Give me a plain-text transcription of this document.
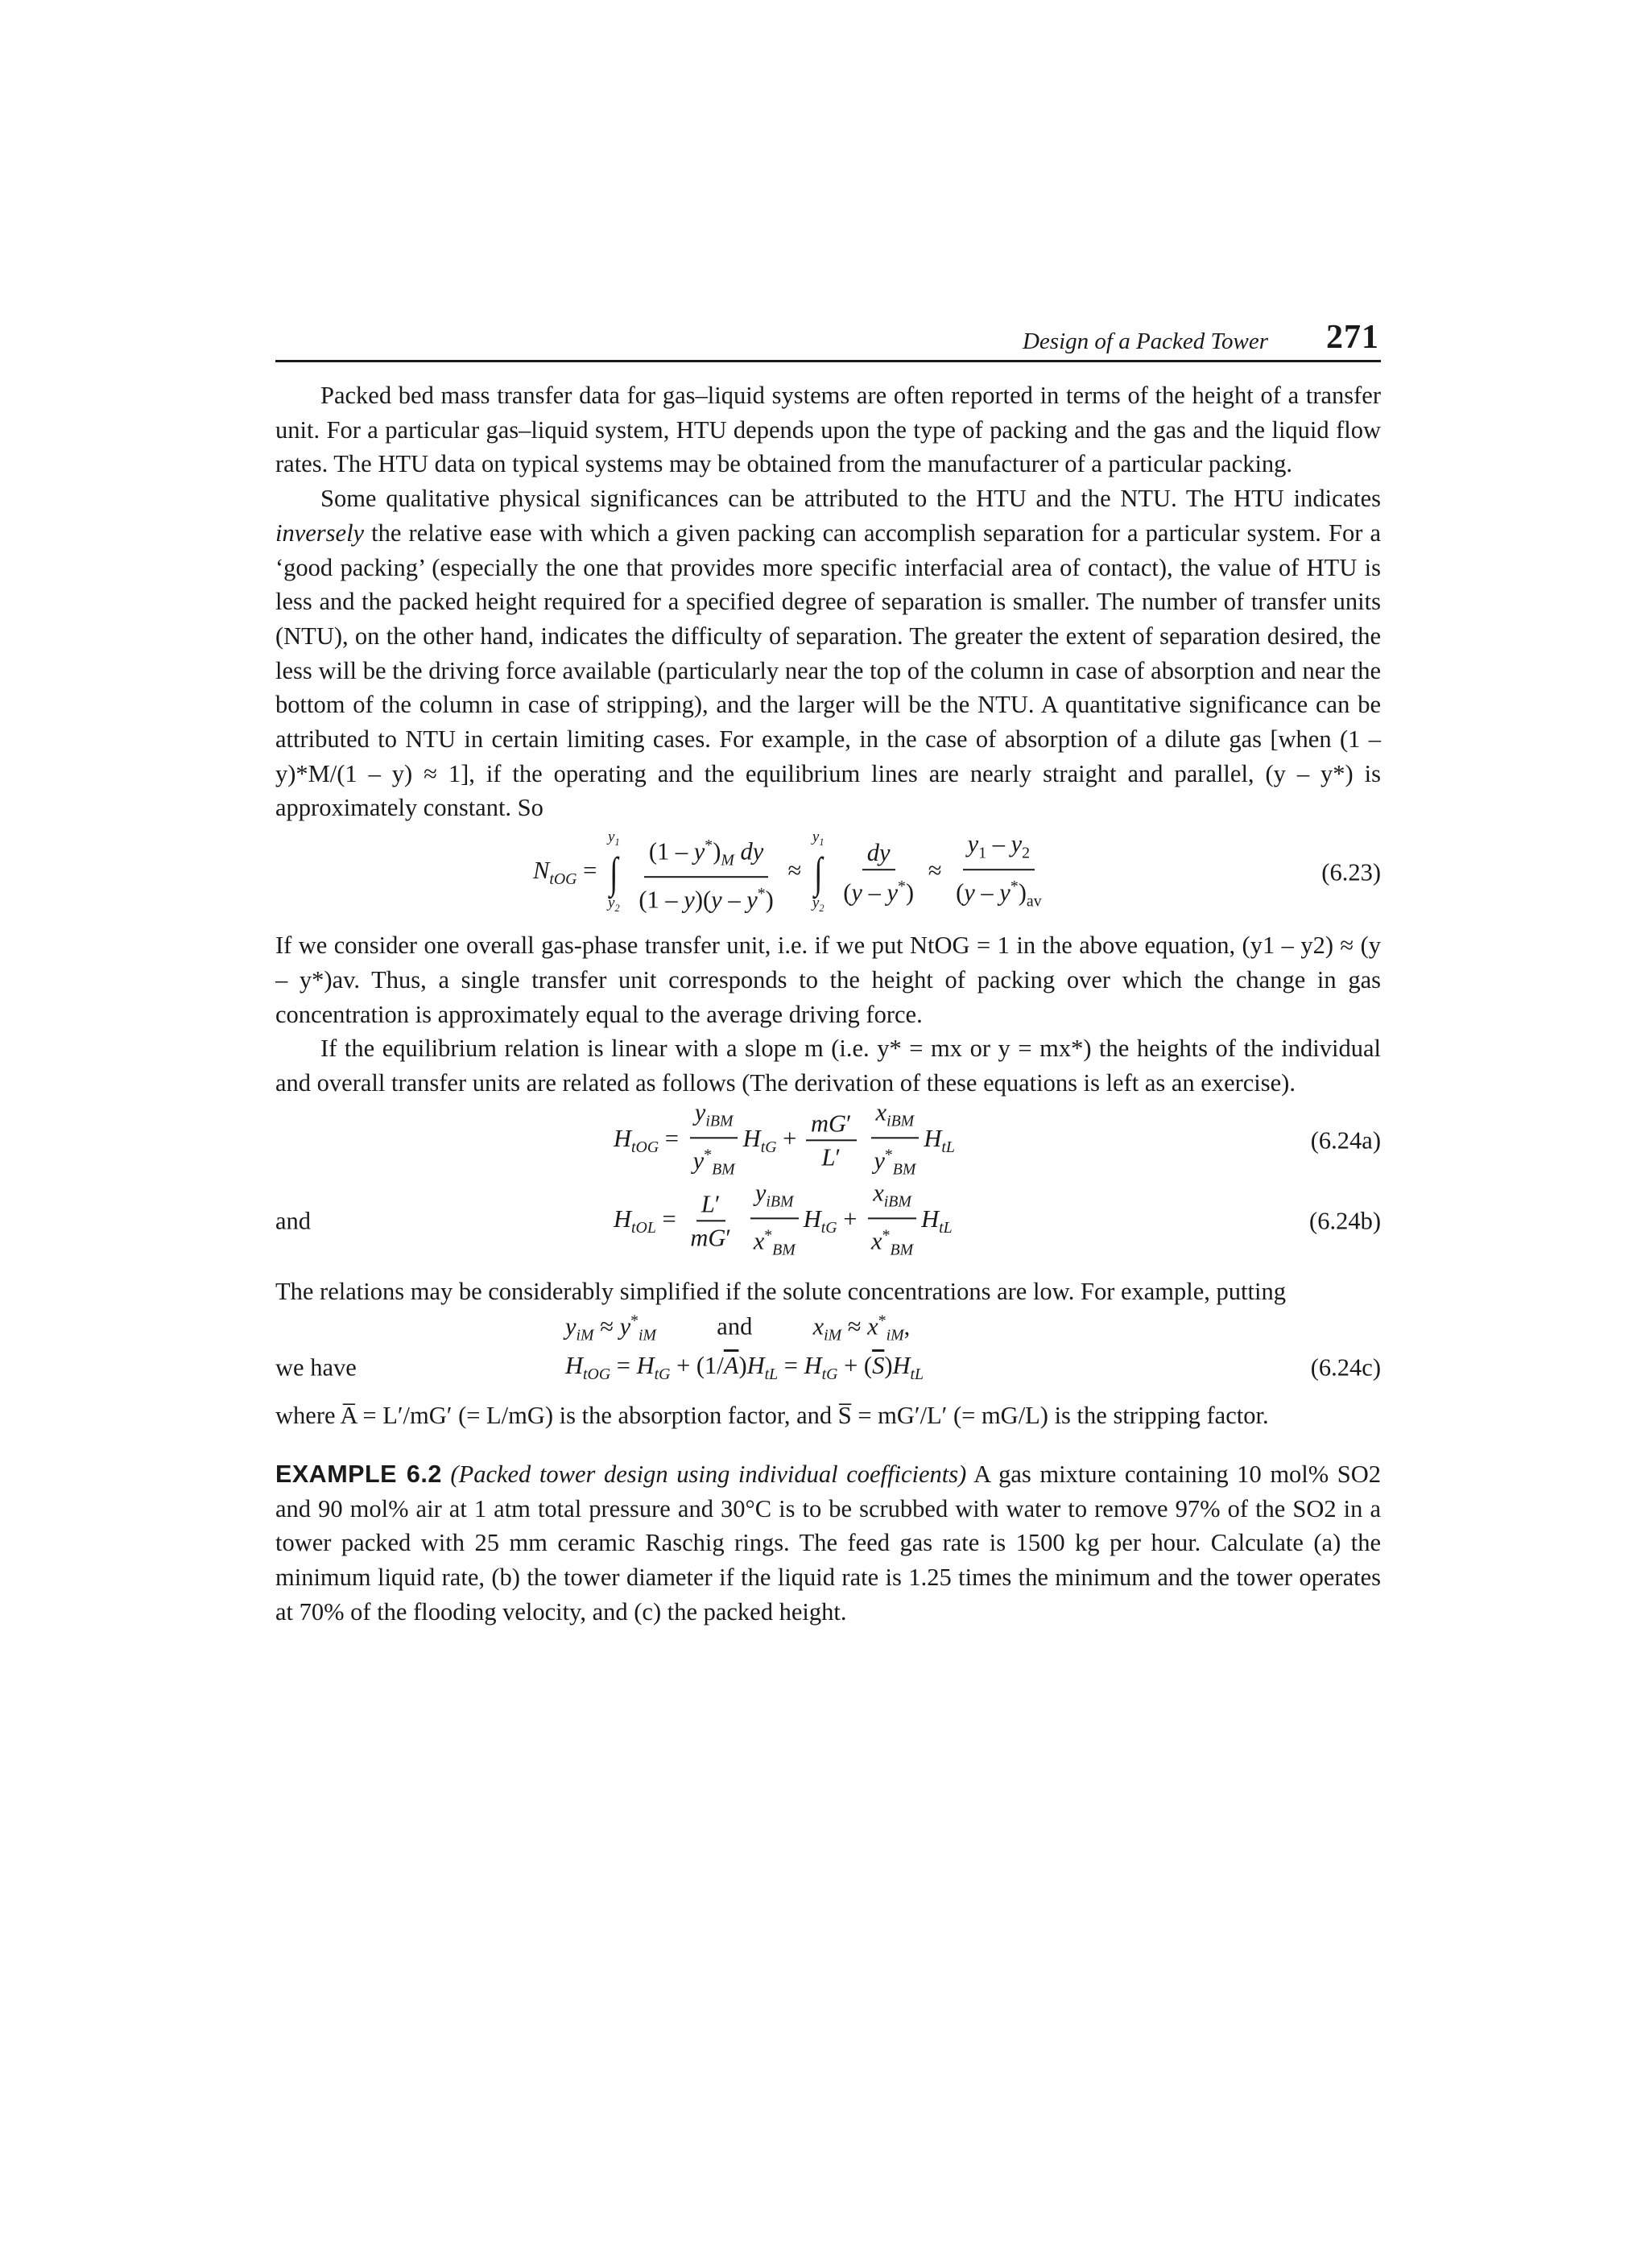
Design of a Packed Tower 271

Packed bed mass transfer data for gas–liquid systems are often reported in terms of the height of a transfer unit. For a particular gas–liquid system, HTU depends upon the type of packing and the gas and the liquid flow rates. The HTU data on typical systems may be obtained from the manufacturer of a particular packing.

Some qualitative physical significances can be attributed to the HTU and the NTU. The HTU indicates inversely the relative ease with which a given packing can accomplish separation for a particular system. For a ‘good packing’ (especially the one that provides more specific interfacial area of contact), the value of HTU is less and the packed height required for a specified degree of separation is smaller. The number of transfer units (NTU), on the other hand, indicates the difficulty of separation. The greater the extent of separation desired, the less will be the driving force available (particularly near the top of the column in case of absorption and near the bottom of the column in case of stripping), and the larger will be the NTU. A quantitative significance can be attributed to NTU in certain limiting cases. For example, in the case of absorption of a dilute gas [when (1 – y)*M/(1 – y) ≈ 1], if the operating and the equilibrium lines are nearly straight and parallel, (y – y*) is approximately constant. So

$N_{tOG}$ =
$y_1$
∫
$y_2$
$\frac{(1 - y^*)_M dy}{(1 - y)(y - y^*)}$ ≈
$y_1$
∫
$y_2$

$\frac{dy}{(y - y^*)} \approx \frac{y_1 - y_2}{(y - y^*)_{av}}$	(6.23)

If we consider one overall gas-phase transfer unit, i.e. if we put NtOG = 1 in the above equation, (y1 – y2) ≈ (y – y*)av. Thus, a single transfer unit corresponds to the height of packing over which the change in gas concentration is approximately equal to the average driving force.

If the equilibrium relation is linear with a slope m (i.e. y* = mx or y = mx*) the heights of the individual and overall transfer units are related as follows (The derivation of these equations is left as an exercise).

$H_{tOG} = \frac{y_{iBM}}{y^*_{BM}} H_{tG} + \frac{mG'}{L'}$
$\frac{x_{iBM}}{y^*_{BM}} H_{tL}$	(6.24a)
and	$H_{tOL} = \frac{L'}{mG'}$
$\frac{y_{iBM}}{x^*_{BM}} H_{tG} + \frac{x_{iBM}}{x^*_{BM}} H_{tL}$	(6.24b)

The relations may be considerably simplified if the solute concentrations are low. For example, putting

$y_{iM} \approx y^*_{iM}$ and $x_{iM} \approx x^*_{iM}$,
we have	$H_{tOG} = H_{tG} + (1/\overline{A})H_{tL} = H_{tG} + (\overline{S})H_{tL}$	(6.24c)

where A̅ = L′/mG′ (= L/mG) is the absorption factor, and S̅ = mG′/L′ (= mG/L) is the stripping factor.

EXAMPLE 6.2 (Packed tower design using individual coefficients) A gas mixture containing 10 mol% SO2 and 90 mol% air at 1 atm total pressure and 30°C is to be scrubbed with water to remove 97% of the SO2 in a tower packed with 25 mm ceramic Raschig rings. The feed gas rate is 1500 kg per hour. Calculate (a) the minimum liquid rate, (b) the tower diameter if the liquid rate is 1.25 times the minimum and the tower operates at 70% of the flooding velocity, and (c) the packed height.
